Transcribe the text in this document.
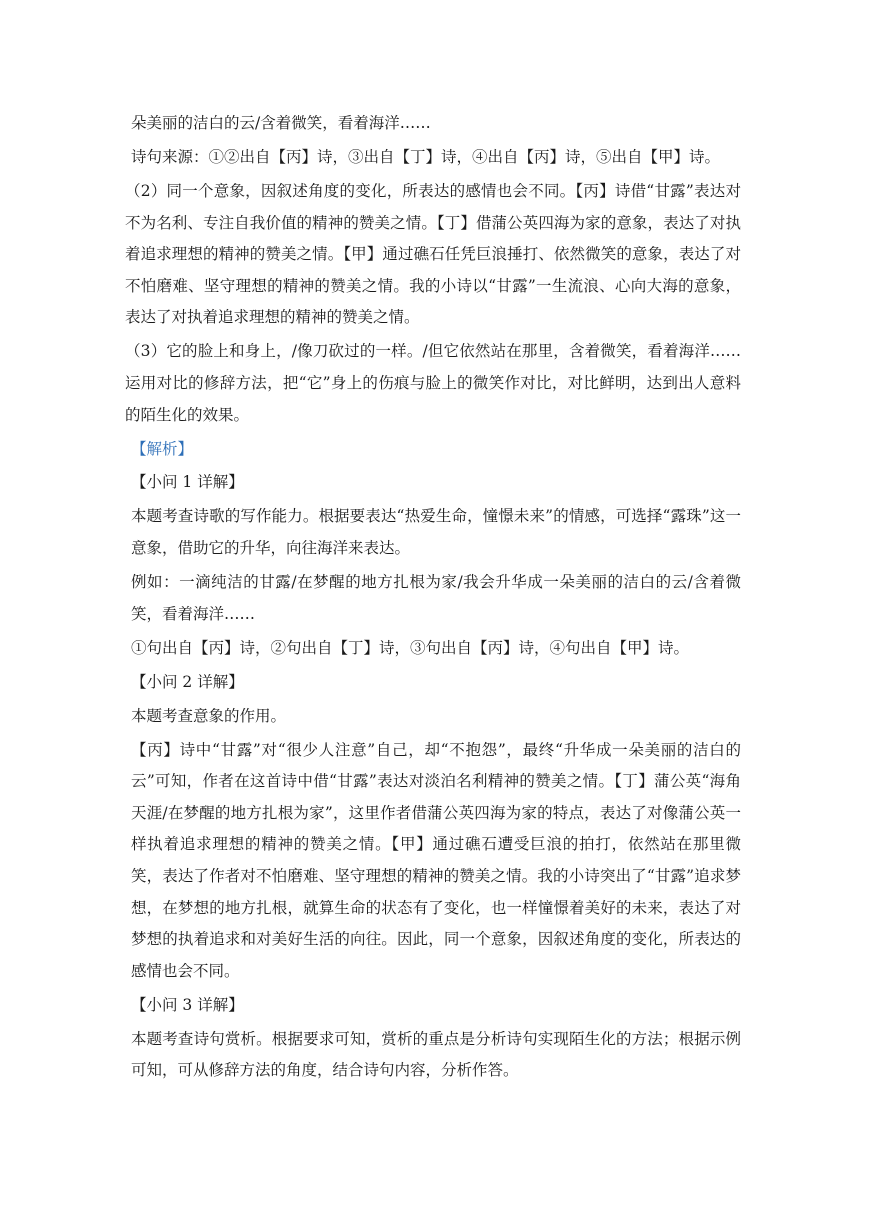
朵美丽的洁白的云/含着微笑，看着海洋……

诗句来源：①②出自【丙】诗，③出自【丁】诗，④出自【丙】诗，⑤出自【甲】诗。

（2）同一个意象，因叙述角度的变化，所表达的感情也会不同。【丙】诗借“甘露”表达对不为名利、专注自我价值的精神的赞美之情。【丁】借蒲公英四海为家的意象，表达了对执着追求理想的精神的赞美之情。【甲】通过礁石任凭巨浪捶打、依然微笑的意象，表达了对不怕磨难、坚守理想的精神的赞美之情。我的小诗以“甘露”一生流浪、心向大海的意象，表达了对执着追求理想的精神的赞美之情。

（3）它的脸上和身上，/像刀砍过的一样。/但它依然站在那里，含着微笑，看着海洋……运用对比的修辞方法，把“它”身上的伤痕与脸上的微笑作对比，对比鲜明，达到出人意料的陌生化的效果。

【解析】

【小问 1 详解】

本题考查诗歌的写作能力。根据要表达“热爱生命，憧憬未来”的情感，可选择“露珠”这一意象，借助它的升华，向往海洋来表达。

例如：一滴纯洁的甘露/在梦醒的地方扎根为家/我会升华成一朵美丽的洁白的云/含着微笑，看着海洋……

①句出自【丙】诗，②句出自【丁】诗，③句出自【丙】诗，④句出自【甲】诗。

【小问 2 详解】

本题考查意象的作用。

【丙】诗中“甘露”对“很少人注意”自己，却“不抱怨”，最终“升华成一朵美丽的洁白的云”可知，作者在这首诗中借“甘露”表达对淡泊名利精神的赞美之情。【丁】蒲公英“海角天涯/在梦醒的地方扎根为家”，这里作者借蒲公英四海为家的特点，表达了对像蒲公英一样执着追求理想的精神的赞美之情。【甲】通过礁石遭受巨浪的拍打，依然站在那里微笑，表达了作者对不怕磨难、坚守理想的精神的赞美之情。我的小诗突出了“甘露”追求梦想，在梦想的地方扎根，就算生命的状态有了变化，也一样憧憬着美好的未来，表达了对梦想的执着追求和对美好生活的向往。因此，同一个意象，因叙述角度的变化，所表达的感情也会不同。

【小问 3 详解】

本题考查诗句赏析。根据要求可知，赏析的重点是分析诗句实现陌生化的方法；根据示例可知，可从修辞方法的角度，结合诗句内容，分析作答。
